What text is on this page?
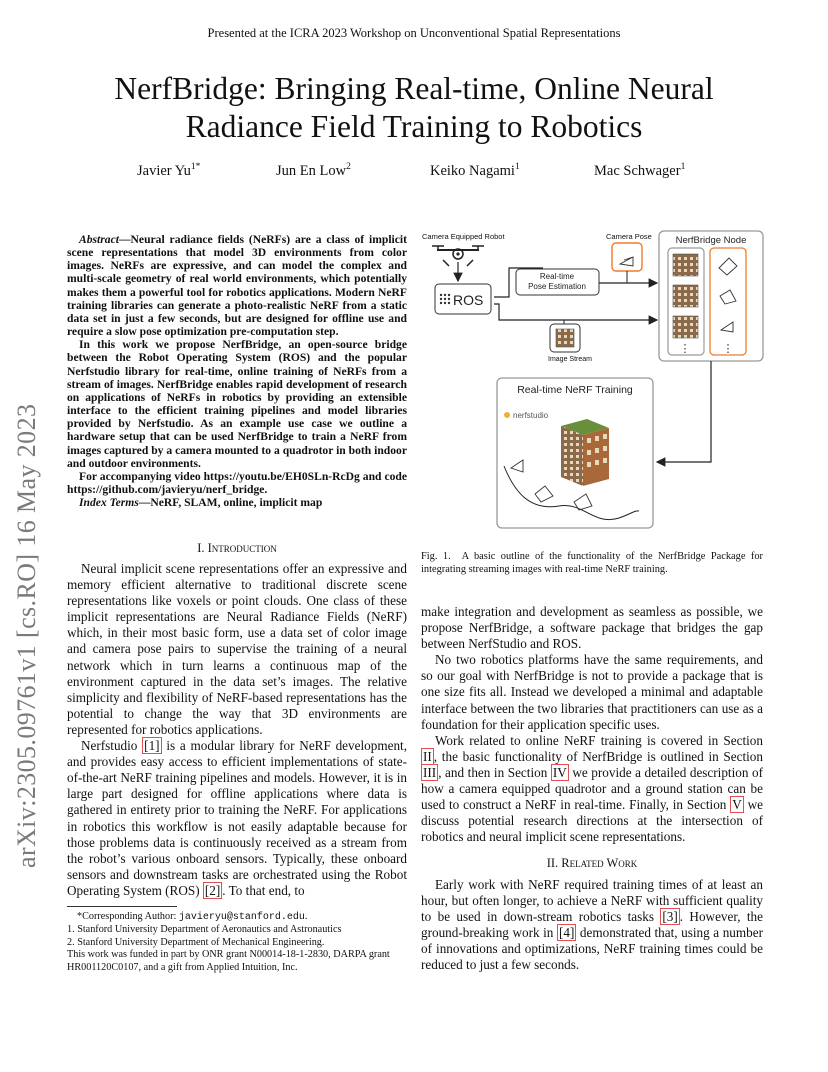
Presented at the ICRA 2023 Workshop on Unconventional Spatial Representations
NerfBridge: Bringing Real-time, Online Neural
Radiance Field Training to Robotics
Javier $Yu^{1*}$	Jun En Low$^2$	Keiko Nagami$^1$	Mac Schwager$^1$
arXiv:2305.09761v1 [cs.RO] 16 May 2023

Abstract—Neural radiance fields (NeRFs) are a class of implicit scene representations that model 3D environments from color images. NeRFs are expressive, and can model the complex and multi-scale geometry of real world environments, which potentially makes them a powerful tool for robotics applications. Modern NeRF training libraries can generate a photo-realistic NeRF from a static data set in just a few seconds, but are designed for offline use and require a slow pose optimization pre-computation step.

In this work we propose NerfBridge, an open-source bridge between the Robot Operating System (ROS) and the popular Nerfstudio library for real-time, online training of NeRFs from a stream of images. NerfBridge enables rapid development of research on applications of NeRFs in robotics by providing an extensible interface to the efficient training pipelines and model libraries provided by Nerfstudio. As an example use case we outline a hardware setup that can be used NerfBridge to train a NeRF from images captured by a camera mounted to a quadrotor in both indoor and outdoor environments.

For accompanying video https://youtu.be/EH0SLn-RcDg and code https://github.com/javieryu/nerf_bridge.

Index Terms—NeRF, SLAM, online, implicit map

I. Introduction

Neural implicit scene representations offer an expressive and memory efficient alternative to traditional discrete scene representations like voxels or point clouds. One class of these implicit representations are Neural Radiance Fields (NeRF) which, in their most basic form, use a data set of color image and camera pose pairs to supervise the training of a neural network which in turn learns a continuous map of the environment captured in the data set’s images. The relative simplicity and flexibility of NeRF-based representations has the potential to change the way that 3D environments are represented for robotics applications.

Nerfstudio [1] is a modular library for NeRF development, and provides easy access to efficient implementations of state-of-the-art NeRF training pipelines and models. However, it is in large part designed for offline applications where data is gathered in entirety prior to training the NeRF. For applications in robotics this workflow is not easily adaptable because for those problems data is continuously received as a stream from the robot’s various onboard sensors. Typically, these onboard sensors and downstream tasks are orchestrated using the Robot Operating System (ROS) [2] . To that end, to

*Corresponding Author: javieryu@stanford.edu.

1. Stanford University Department of Aeronautics and Astronautics

2. Stanford University Department of Mechanical Engineering.

This work was funded in part by ONR grant N00014-18-1-2830, DARPA grant HR001120C0107, and a gift from Applied Intuition, Inc.

Camera Equipped Robot
ROS
Camera Pose
Real-time
Pose Estimation
Image Stream
NerfBridge Node
⋮	⋮
Real-time NeRF Training
nerfstudio
Fig. 1. A basic outline of the functionality of the NerfBridge Package for integrating streaming images with real-time NeRF training.

make integration and development as seamless as possible, we propose NerfBridge, a software package that bridges the gap between NerfStudio and ROS.

No two robotics platforms have the same requirements, and so our goal with NerfBridge is not to provide a package that is one size fits all. Instead we developed a minimal and adaptable interface between the two libraries that practitioners can use as a foundation for their application specific uses.

Work related to online NeRF training is covered in Section II , the basic functionality of NerfBridge is outlined in Section III , and then in Section IV we provide a detailed description of how a camera equipped quadrotor and a ground station can be used to construct a NeRF in real-time. Finally, in Section V we discuss potential research directions at the intersection of robotics and neural implicit scene representations.

II. Related Work

Early work with NeRF required training times of at least an hour, but often longer, to achieve a NeRF with sufficient quality to be used in down-stream robotics tasks [3] . However, the ground-breaking work in [4] demonstrated that, using a number of innovations and optimizations, NeRF training times could be reduced to just a few seconds.
